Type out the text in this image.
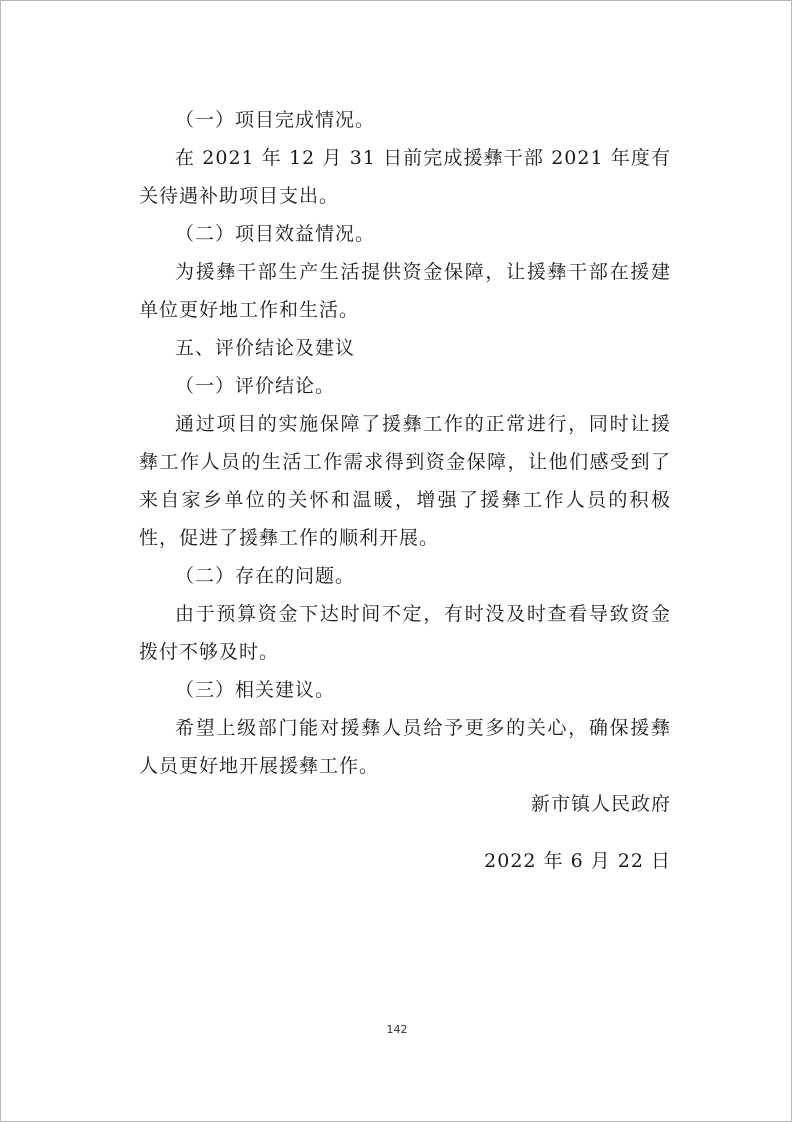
（一）项目完成情况。

在 2021 年 12 月 31 日前完成援彝干部 2021 年度有关待遇补助项目支出。

（二）项目效益情况。

为援彝干部生产生活提供资金保障，让援彝干部在援建单位更好地工作和生活。

五、评价结论及建议

（一）评价结论。

通过项目的实施保障了援彝工作的正常进行，同时让援彝工作人员的生活工作需求得到资金保障，让他们感受到了来自家乡单位的关怀和温暖，增强了援彝工作人员的积极性，促进了援彝工作的顺利开展。

（二）存在的问题。

由于预算资金下达时间不定，有时没及时查看导致资金拨付不够及时。

（三）相关建议。

希望上级部门能对援彝人员给予更多的关心，确保援彝人员更好地开展援彝工作。

新市镇人民政府

2022 年 6 月 22 日

142
